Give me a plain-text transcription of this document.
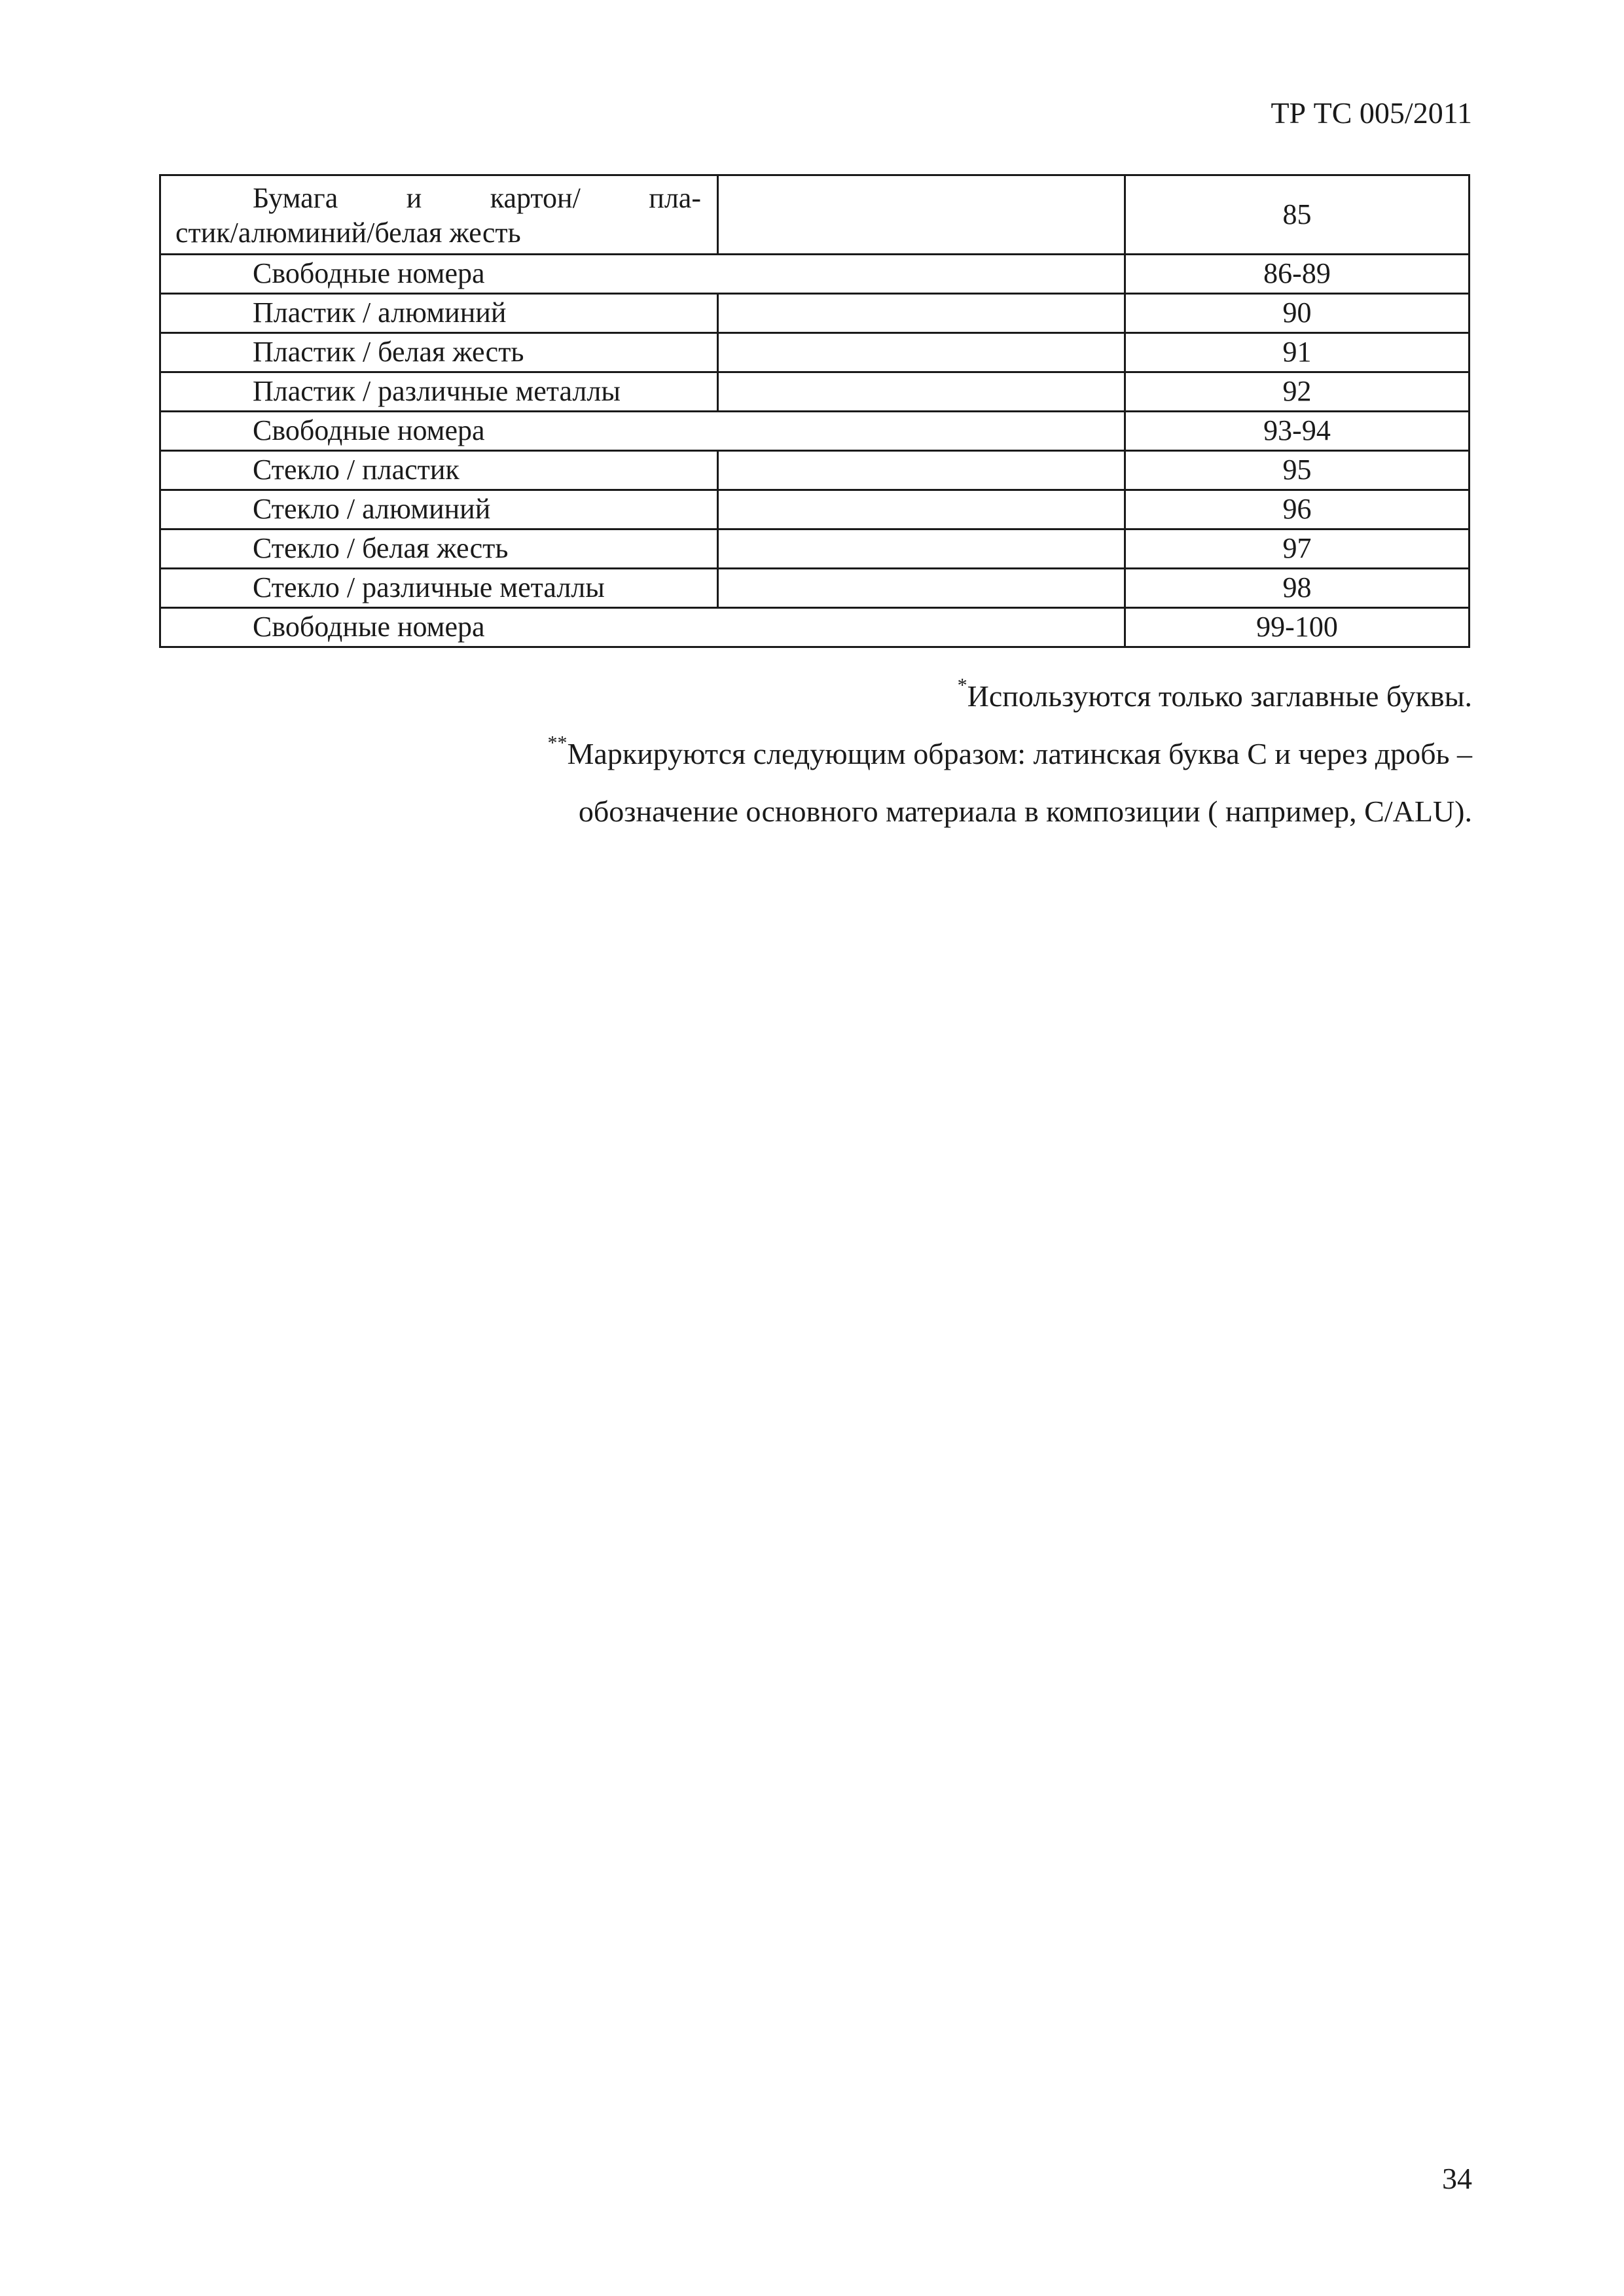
ТР ТС 005/2011
Бумага и картон/ пла-
стик/алюминий/белая жесть		85
Свободные номера		86-89
Пластик / алюминий		90
Пластик / белая жесть		91
Пластик / различные металлы		92
Свободные номера		93-94
Стекло / пластик		95
Стекло / алюминий		96
Стекло / белая жесть		97
Стекло / различные металлы		98
Свободные номера		99-100
*Используются только заглавные буквы.
**Маркируются следующим образом: латинская буква С и через дробь –
обозначение основного материала в композиции ( например, C/ALU).
34
